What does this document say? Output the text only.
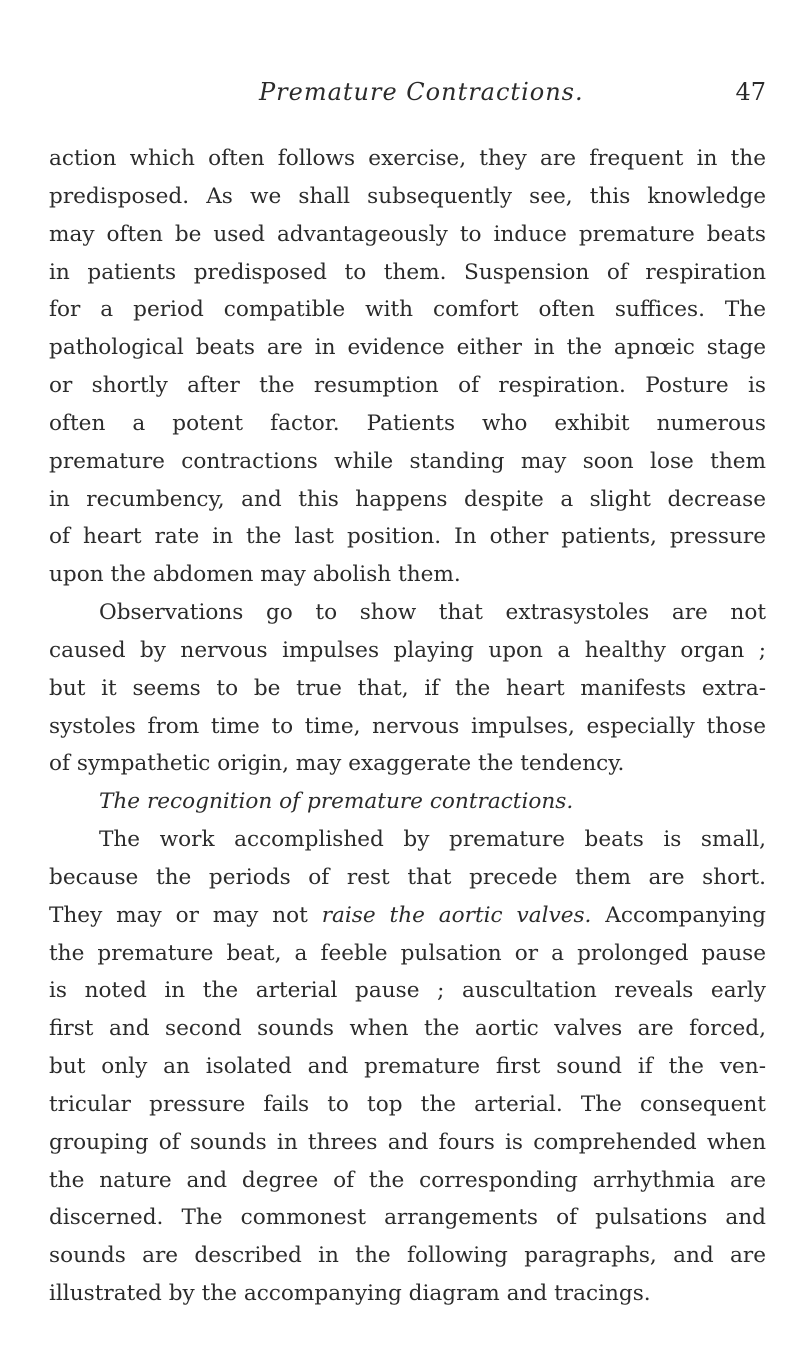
Premature Contractions.	47
action which often follows exercise, they are frequent in the
predisposed. As we shall subsequently see, this knowledge
may often be used advantageously to induce premature beats
in patients predisposed to them. Suspension of respiration
for a period compatible with comfort often suffices. The
pathological beats are in evidence either in the apnœic stage
or shortly after the resumption of respiration. Posture is
often a potent factor. Patients who exhibit numerous
premature contractions while standing may soon lose them
in recumbency, and this happens despite a slight decrease
of heart rate in the last position. In other patients, pressure
upon the abdomen may abolish them.
Observations go to show that extrasystoles are not
caused by nervous impulses playing upon a healthy organ ;
but it seems to be true that, if the heart manifests extra-
systoles from time to time, nervous impulses, especially those
of sympathetic origin, may exaggerate the tendency.
The recognition of premature contractions.
The work accomplished by premature beats is small,
because the periods of rest that precede them are short.
They may or may not raise the aortic valves. Accompanying
the premature beat, a feeble pulsation or a prolonged pause
is noted in the arterial pause ; auscultation reveals early
first and second sounds when the aortic valves are forced,
but only an isolated and premature first sound if the ven-
tricular pressure fails to top the arterial. The consequent
grouping of sounds in threes and fours is comprehended when
the nature and degree of the corresponding arrhythmia are
discerned. The commonest arrangements of pulsations and
sounds are described in the following paragraphs, and are
illustrated by the accompanying diagram and tracings.
